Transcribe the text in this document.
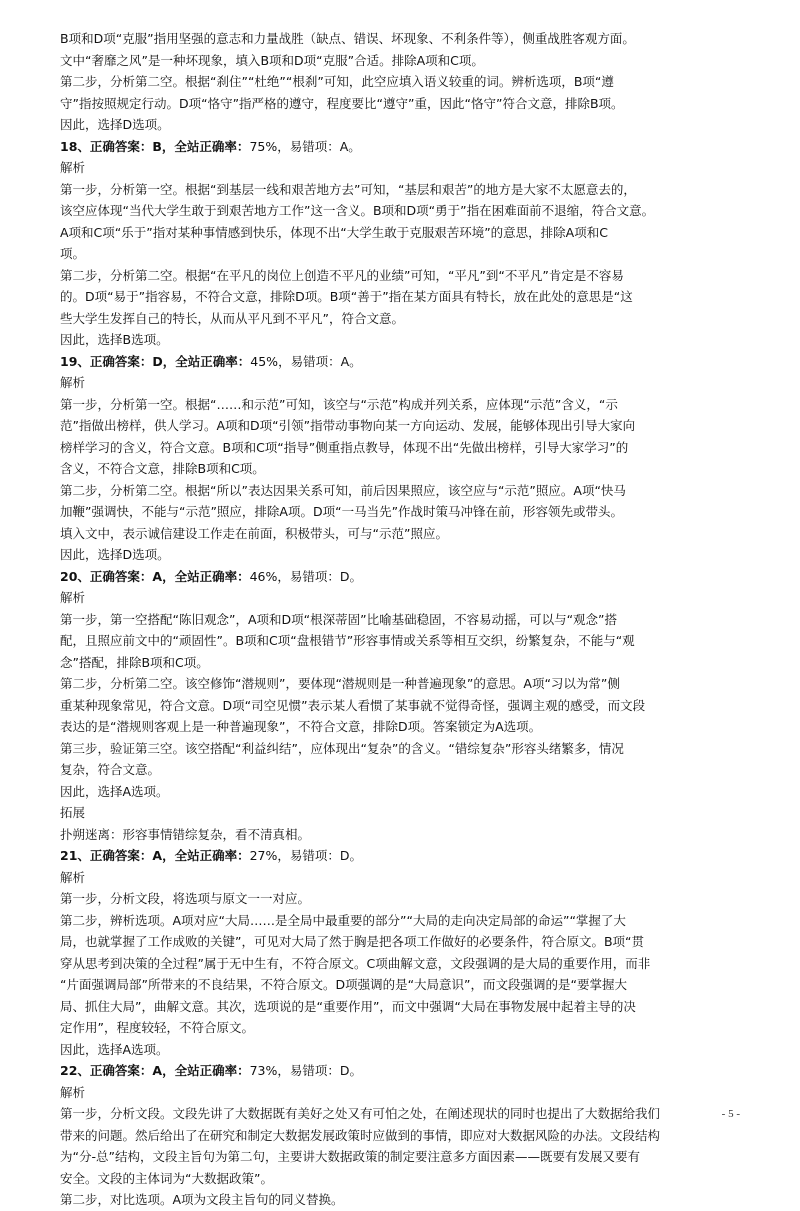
B项和D项“克服”指用坚强的意志和力量战胜（缺点、错误、坏现象、不利条件等），侧重战胜客观方面。
文中“奢靡之风”是一种坏现象，填入B项和D项“克服”合适。排除A项和C项。
第二步，分析第二空。根据“刹住”“杜绝”“根刹”可知，此空应填入语义较重的词。辨析选项，B项“遵
守”指按照规定行动。D项“恪守”指严格的遵守，程度要比“遵守”重，因此“恪守”符合文意，排除B项。
因此，选择D选项。
18、正确答案：B，全站正确率：75%，易错项：A。
解析
第一步，分析第一空。根据“到基层一线和艰苦地方去”可知，“基层和艰苦”的地方是大家不太愿意去的，
该空应体现“当代大学生敢于到艰苦地方工作”这一含义。B项和D项“勇于”指在困难面前不退缩，符合文意。
A项和C项“乐于”指对某种事情感到快乐，体现不出“大学生敢于克服艰苦环境”的意思，排除A项和C
项。
第二步，分析第二空。根据“在平凡的岗位上创造不平凡的业绩”可知，“平凡”到“不平凡”肯定是不容易
的。D项“易于”指容易，不符合文意，排除D项。B项“善于”指在某方面具有特长，放在此处的意思是“这
些大学生发挥自己的特长，从而从平凡到不平凡”，符合文意。
因此，选择B选项。
19、正确答案：D，全站正确率：45%，易错项：A。
解析
第一步，分析第一空。根据“……和示范”可知，该空与“示范”构成并列关系，应体现“示范”含义，“示
范”指做出榜样，供人学习。A项和D项“引领”指带动事物向某一方向运动、发展，能够体现出引导大家向
榜样学习的含义，符合文意。B项和C项“指导”侧重指点教导，体现不出“先做出榜样，引导大家学习”的
含义，不符合文意，排除B项和C项。
第二步，分析第二空。根据“所以”表达因果关系可知，前后因果照应，该空应与“示范”照应。A项“快马
加鞭”强调快，不能与“示范”照应，排除A项。D项“一马当先”作战时策马冲锋在前，形容领先或带头。
填入文中，表示诚信建设工作走在前面，积极带头，可与“示范”照应。
因此，选择D选项。
20、正确答案：A，全站正确率：46%，易错项：D。
解析
第一步，第一空搭配“陈旧观念”，A项和D项“根深蒂固”比喻基础稳固，不容易动摇，可以与“观念”搭
配，且照应前文中的“顽固性”。B项和C项“盘根错节”形容事情或关系等相互交织，纷繁复杂，不能与“观
念”搭配，排除B项和C项。
第二步，分析第二空。该空修饰“潜规则”，要体现“潜规则是一种普遍现象”的意思。A项“习以为常”侧
重某种现象常见，符合文意。D项“司空见惯”表示某人看惯了某事就不觉得奇怪，强调主观的感受，而文段
表达的是“潜规则客观上是一种普遍现象”，不符合文意，排除D项。答案锁定为A选项。
第三步，验证第三空。该空搭配“利益纠结”，应体现出“复杂”的含义。“错综复杂”形容头绪繁多，情况
复杂，符合文意。
因此，选择A选项。
拓展
扑朔迷离：形容事情错综复杂，看不清真相。
21、正确答案：A，全站正确率：27%，易错项：D。
解析
第一步，分析文段，将选项与原文一一对应。
第二步，辨析选项。A项对应“大局……是全局中最重要的部分”“大局的走向决定局部的命运”“掌握了大
局，也就掌握了工作成败的关键”，可见对大局了然于胸是把各项工作做好的必要条件，符合原文。B项“贯
穿从思考到决策的全过程”属于无中生有，不符合原文。C项曲解文意，文段强调的是大局的重要作用，而非
“片面强调局部”所带来的不良结果，不符合原文。D项强调的是“大局意识”，而文段强调的是“要掌握大
局、抓住大局”，曲解文意。其次，选项说的是“重要作用”，而文中强调“大局在事物发展中起着主导的决
定作用”，程度较轻，不符合原文。
因此，选择A选项。
22、正确答案：A，全站正确率：73%，易错项：D。
解析
第一步，分析文段。文段先讲了大数据既有美好之处又有可怕之处，在阐述现状的同时也提出了大数据给我们
带来的问题。然后给出了在研究和制定大数据发展政策时应做到的事情，即应对大数据风险的办法。文段结构
为“分-总”结构，文段主旨句为第二句，主要讲大数据政策的制定要注意多方面因素——既要有发展又要有
安全。文段的主体词为“大数据政策”。
第二步，对比选项。A项为文段主旨句的同义替换。
- 5 -
